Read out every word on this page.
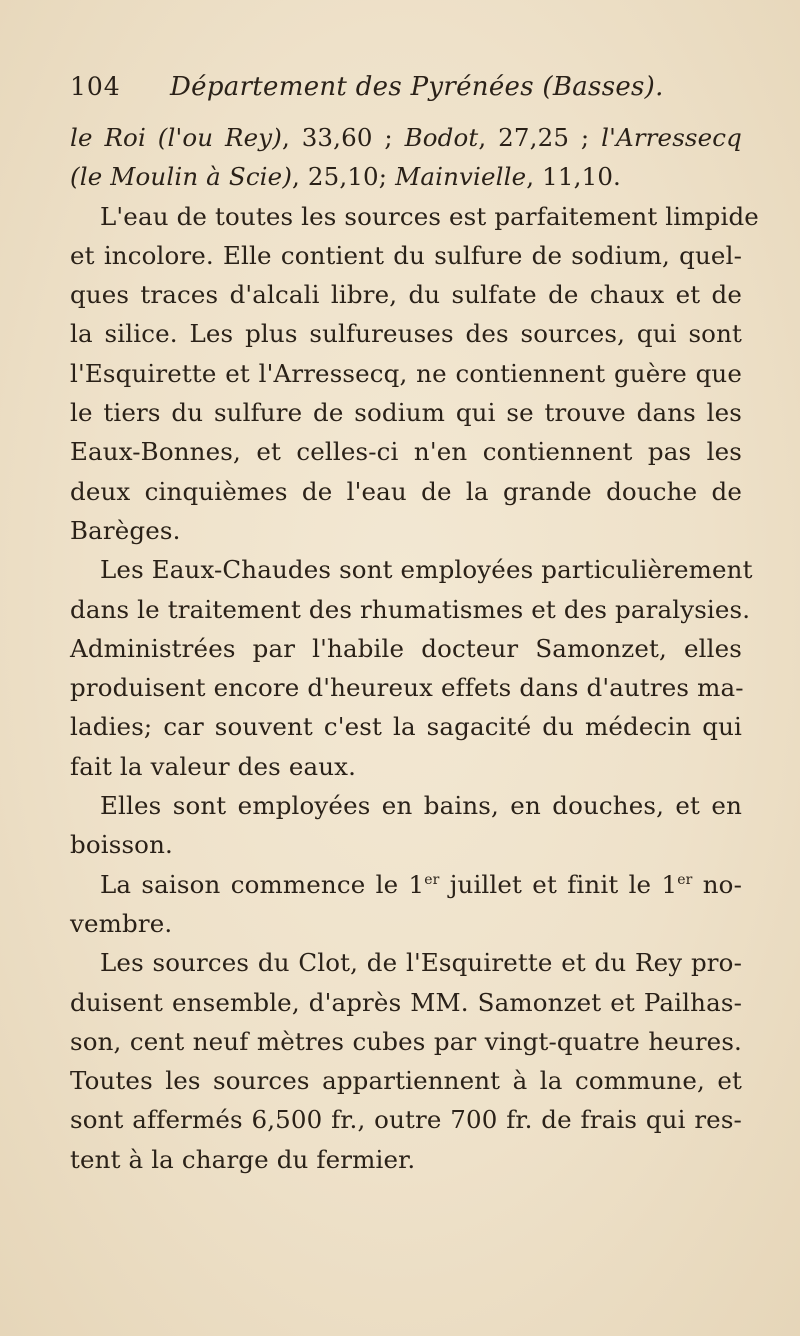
104	Département des Pyrénées (Basses).
le Roi (l'ou Rey), 33,60 ; Bodot, 27,25 ; l'Arressecq
(le Moulin à Scie), 25,10; Mainvielle, 11,10.
L'eau de toutes les sources est parfaitement limpide
et incolore. Elle contient du sulfure de sodium, quel-
ques traces d'alcali libre, du sulfate de chaux et de
la silice. Les plus sulfureuses des sources, qui sont
l'Esquirette et l'Arressecq, ne contiennent guère que
le tiers du sulfure de sodium qui se trouve dans les
Eaux-Bonnes, et celles-ci n'en contiennent pas les
deux cinquièmes de l'eau de la grande douche de
Barèges.
Les Eaux-Chaudes sont employées particulièrement
dans le traitement des rhumatismes et des paralysies.
Administrées par l'habile docteur Samonzet, elles
produisent encore d'heureux effets dans d'autres ma-
ladies; car souvent c'est la sagacité du médecin qui
fait la valeur des eaux.
Elles sont employées en bains, en douches, et en
boisson.
La saison commence le 1er juillet et finit le 1er no-
vembre.
Les sources du Clot, de l'Esquirette et du Rey pro-
duisent ensemble, d'après MM. Samonzet et Pailhas-
son, cent neuf mètres cubes par vingt-quatre heures.
Toutes les sources appartiennent à la commune, et
sont affermés 6,500 fr., outre 700 fr. de frais qui res-
tent à la charge du fermier.
